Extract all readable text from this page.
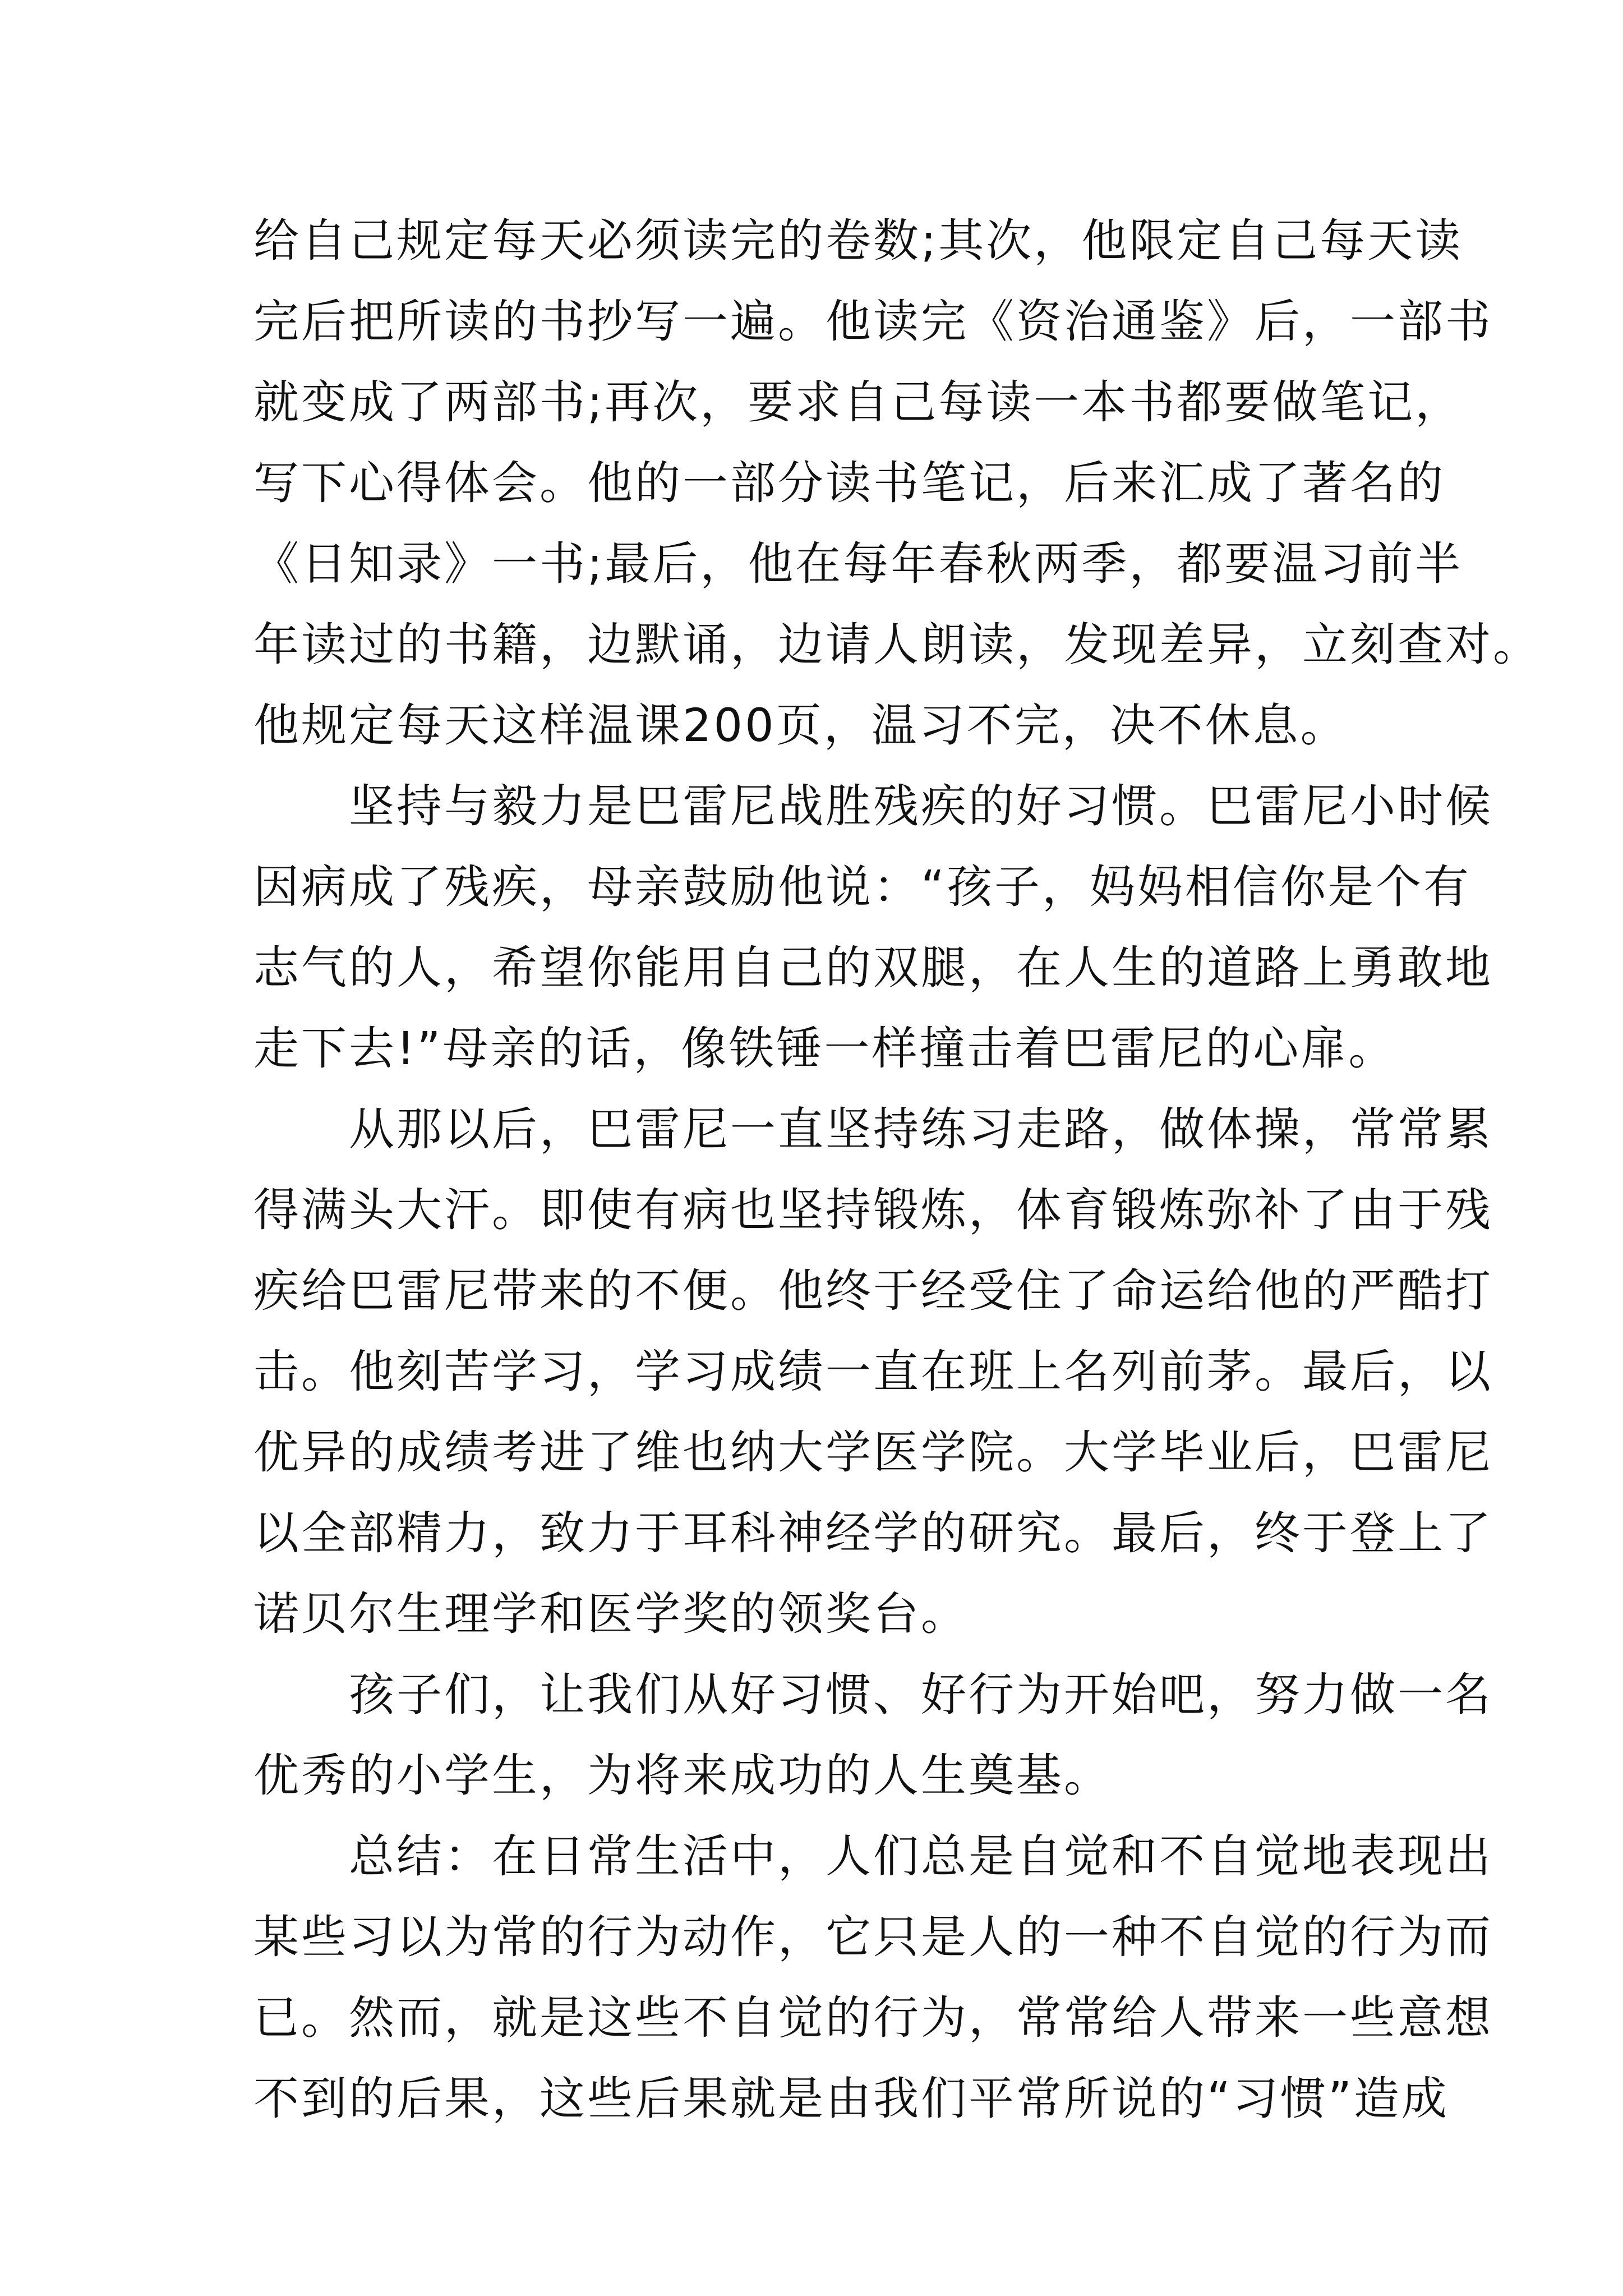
给自己规定每天必须读完的卷数;其次，他限定自己每天读
完后把所读的书抄写一遍。他读完《资治通鉴》后，一部书
就变成了两部书;再次，要求自己每读一本书都要做笔记，
写下心得体会。他的一部分读书笔记，后来汇成了著名的
《日知录》一书;最后，他在每年春秋两季，都要温习前半
年读过的书籍，边默诵，边请人朗读，发现差异，立刻查对。
他规定每天这样温课200页，温习不完，决不休息。
坚持与毅力是巴雷尼战胜残疾的好习惯。巴雷尼小时候
因病成了残疾，母亲鼓励他说：“孩子，妈妈相信你是个有
志气的人，希望你能用自己的双腿，在人生的道路上勇敢地
走下去!”母亲的话，像铁锤一样撞击着巴雷尼的心扉。
从那以后，巴雷尼一直坚持练习走路，做体操，常常累
得满头大汗。即使有病也坚持锻炼，体育锻炼弥补了由于残
疾给巴雷尼带来的不便。他终于经受住了命运给他的严酷打
击。他刻苦学习，学习成绩一直在班上名列前茅。最后，以
优异的成绩考进了维也纳大学医学院。大学毕业后，巴雷尼
以全部精力，致力于耳科神经学的研究。最后，终于登上了
诺贝尔生理学和医学奖的领奖台。
孩子们，让我们从好习惯、好行为开始吧，努力做一名
优秀的小学生，为将来成功的人生奠基。
总结：在日常生活中，人们总是自觉和不自觉地表现出
某些习以为常的行为动作，它只是人的一种不自觉的行为而
已。然而，就是这些不自觉的行为，常常给人带来一些意想
不到的后果，这些后果就是由我们平常所说的“习惯”造成
